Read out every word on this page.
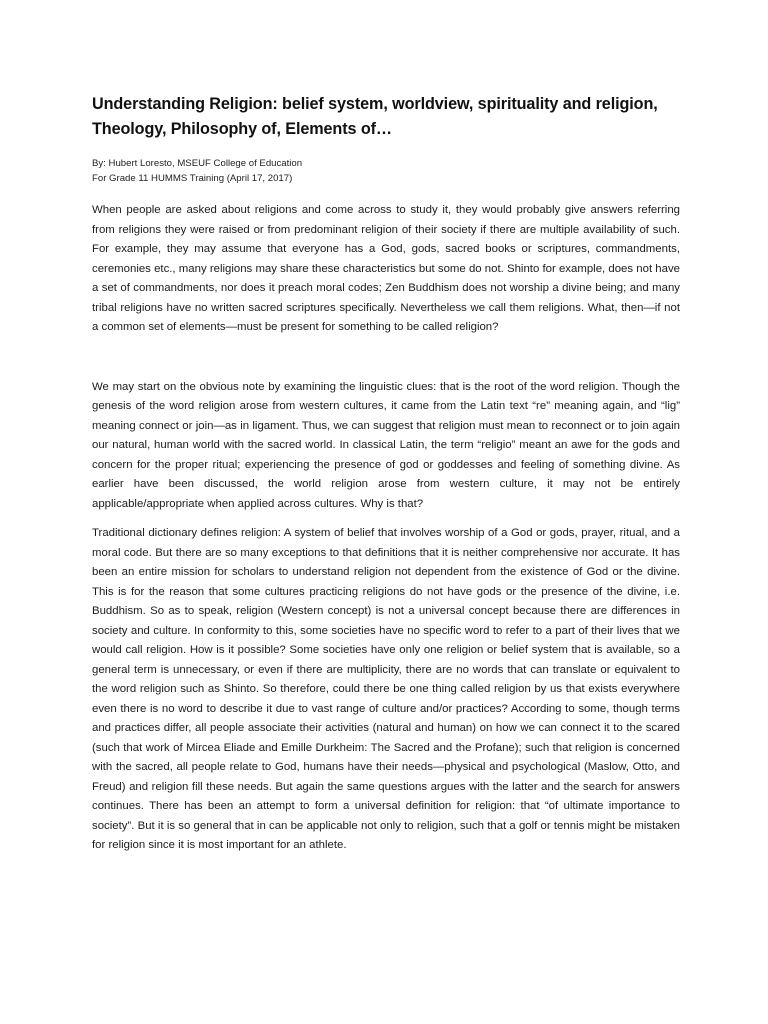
Understanding Religion: belief system, worldview, spirituality and religion, Theology, Philosophy of, Elements of…

By: Hubert Loresto, MSEUF College of Education

For Grade 11 HUMMS Training (April 17, 2017)

When people are asked about religions and come across to study it, they would probably give answers referring from religions they were raised or from predominant religion of their society if there are multiple availability of such. For example, they may assume that everyone has a God, gods, sacred books or scriptures, commandments, ceremonies etc., many religions may share these characteristics but some do not. Shinto for example, does not have a set of commandments, nor does it preach moral codes; Zen Buddhism does not worship a divine being; and many tribal religions have no written sacred scriptures specifically. Nevertheless we call them religions. What, then—if not a common set of elements—must be present for something to be called religion?

We may start on the obvious note by examining the linguistic clues: that is the root of the word religion. Though the genesis of the word religion arose from western cultures, it came from the Latin text “re” meaning again, and “lig” meaning connect or join—as in ligament. Thus, we can suggest that religion must mean to reconnect or to join again our natural, human world with the sacred world. In classical Latin, the term “religio” meant an awe for the gods and concern for the proper ritual; experiencing the presence of god or goddesses and feeling of something divine. As earlier have been discussed, the world religion arose from western culture, it may not be entirely applicable/appropriate when applied across cultures. Why is that?

Traditional dictionary defines religion: A system of belief that involves worship of a God or gods, prayer, ritual, and a moral code. But there are so many exceptions to that definitions that it is neither comprehensive nor accurate. It has been an entire mission for scholars to understand religion not dependent from the existence of God or the divine. This is for the reason that some cultures practicing religions do not have gods or the presence of the divine, i.e. Buddhism. So as to speak, religion (Western concept) is not a universal concept because there are differences in society and culture. In conformity to this, some societies have no specific word to refer to a part of their lives that we would call religion. How is it possible? Some societies have only one religion or belief system that is available, so a general term is unnecessary, or even if there are multiplicity, there are no words that can translate or equivalent to the word religion such as Shinto. So therefore, could there be one thing called religion by us that exists everywhere even there is no word to describe it due to vast range of culture and/or practices? According to some, though terms and practices differ, all people associate their activities (natural and human) on how we can connect it to the scared (such that work of Mircea Eliade and Emille Durkheim: The Sacred and the Profane); such that religion is concerned with the sacred, all people relate to God, humans have their needs—physical and psychological (Maslow, Otto, and Freud) and religion fill these needs. But again the same questions argues with the latter and the search for answers continues. There has been an attempt to form a universal definition for religion: that “of ultimate importance to society”. But it is so general that in can be applicable not only to religion, such that a golf or tennis might be mistaken for religion since it is most important for an athlete.
